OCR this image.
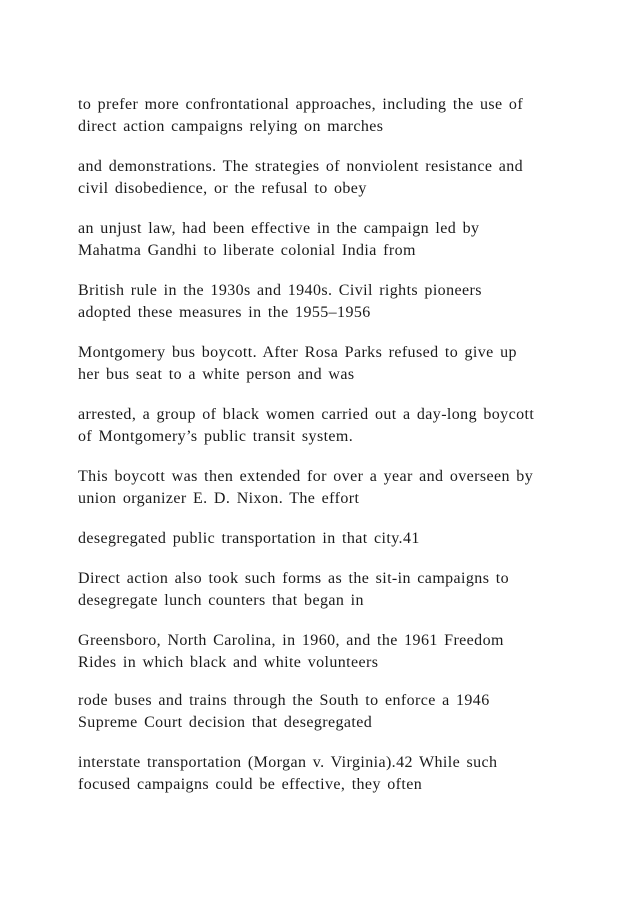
to prefer more confrontational approaches, including the use of
direct action campaigns relying on marches

and demonstrations. The strategies of nonviolent resistance and
civil disobedience, or the refusal to obey

an unjust law, had been effective in the campaign led by
Mahatma Gandhi to liberate colonial India from

British rule in the 1930s and 1940s. Civil rights pioneers
adopted these measures in the 1955–1956

Montgomery bus boycott. After Rosa Parks refused to give up
her bus seat to a white person and was

arrested, a group of black women carried out a day-long boycott
of Montgomery’s public transit system.

This boycott was then extended for over a year and overseen by
union organizer E. D. Nixon. The effort

desegregated public transportation in that city.41

Direct action also took such forms as the sit-in campaigns to
desegregate lunch counters that began in

Greensboro, North Carolina, in 1960, and the 1961 Freedom
Rides in which black and white volunteers

rode buses and trains through the South to enforce a 1946
Supreme Court decision that desegregated

interstate transportation (Morgan v. Virginia).42 While such
focused campaigns could be effective, they often
